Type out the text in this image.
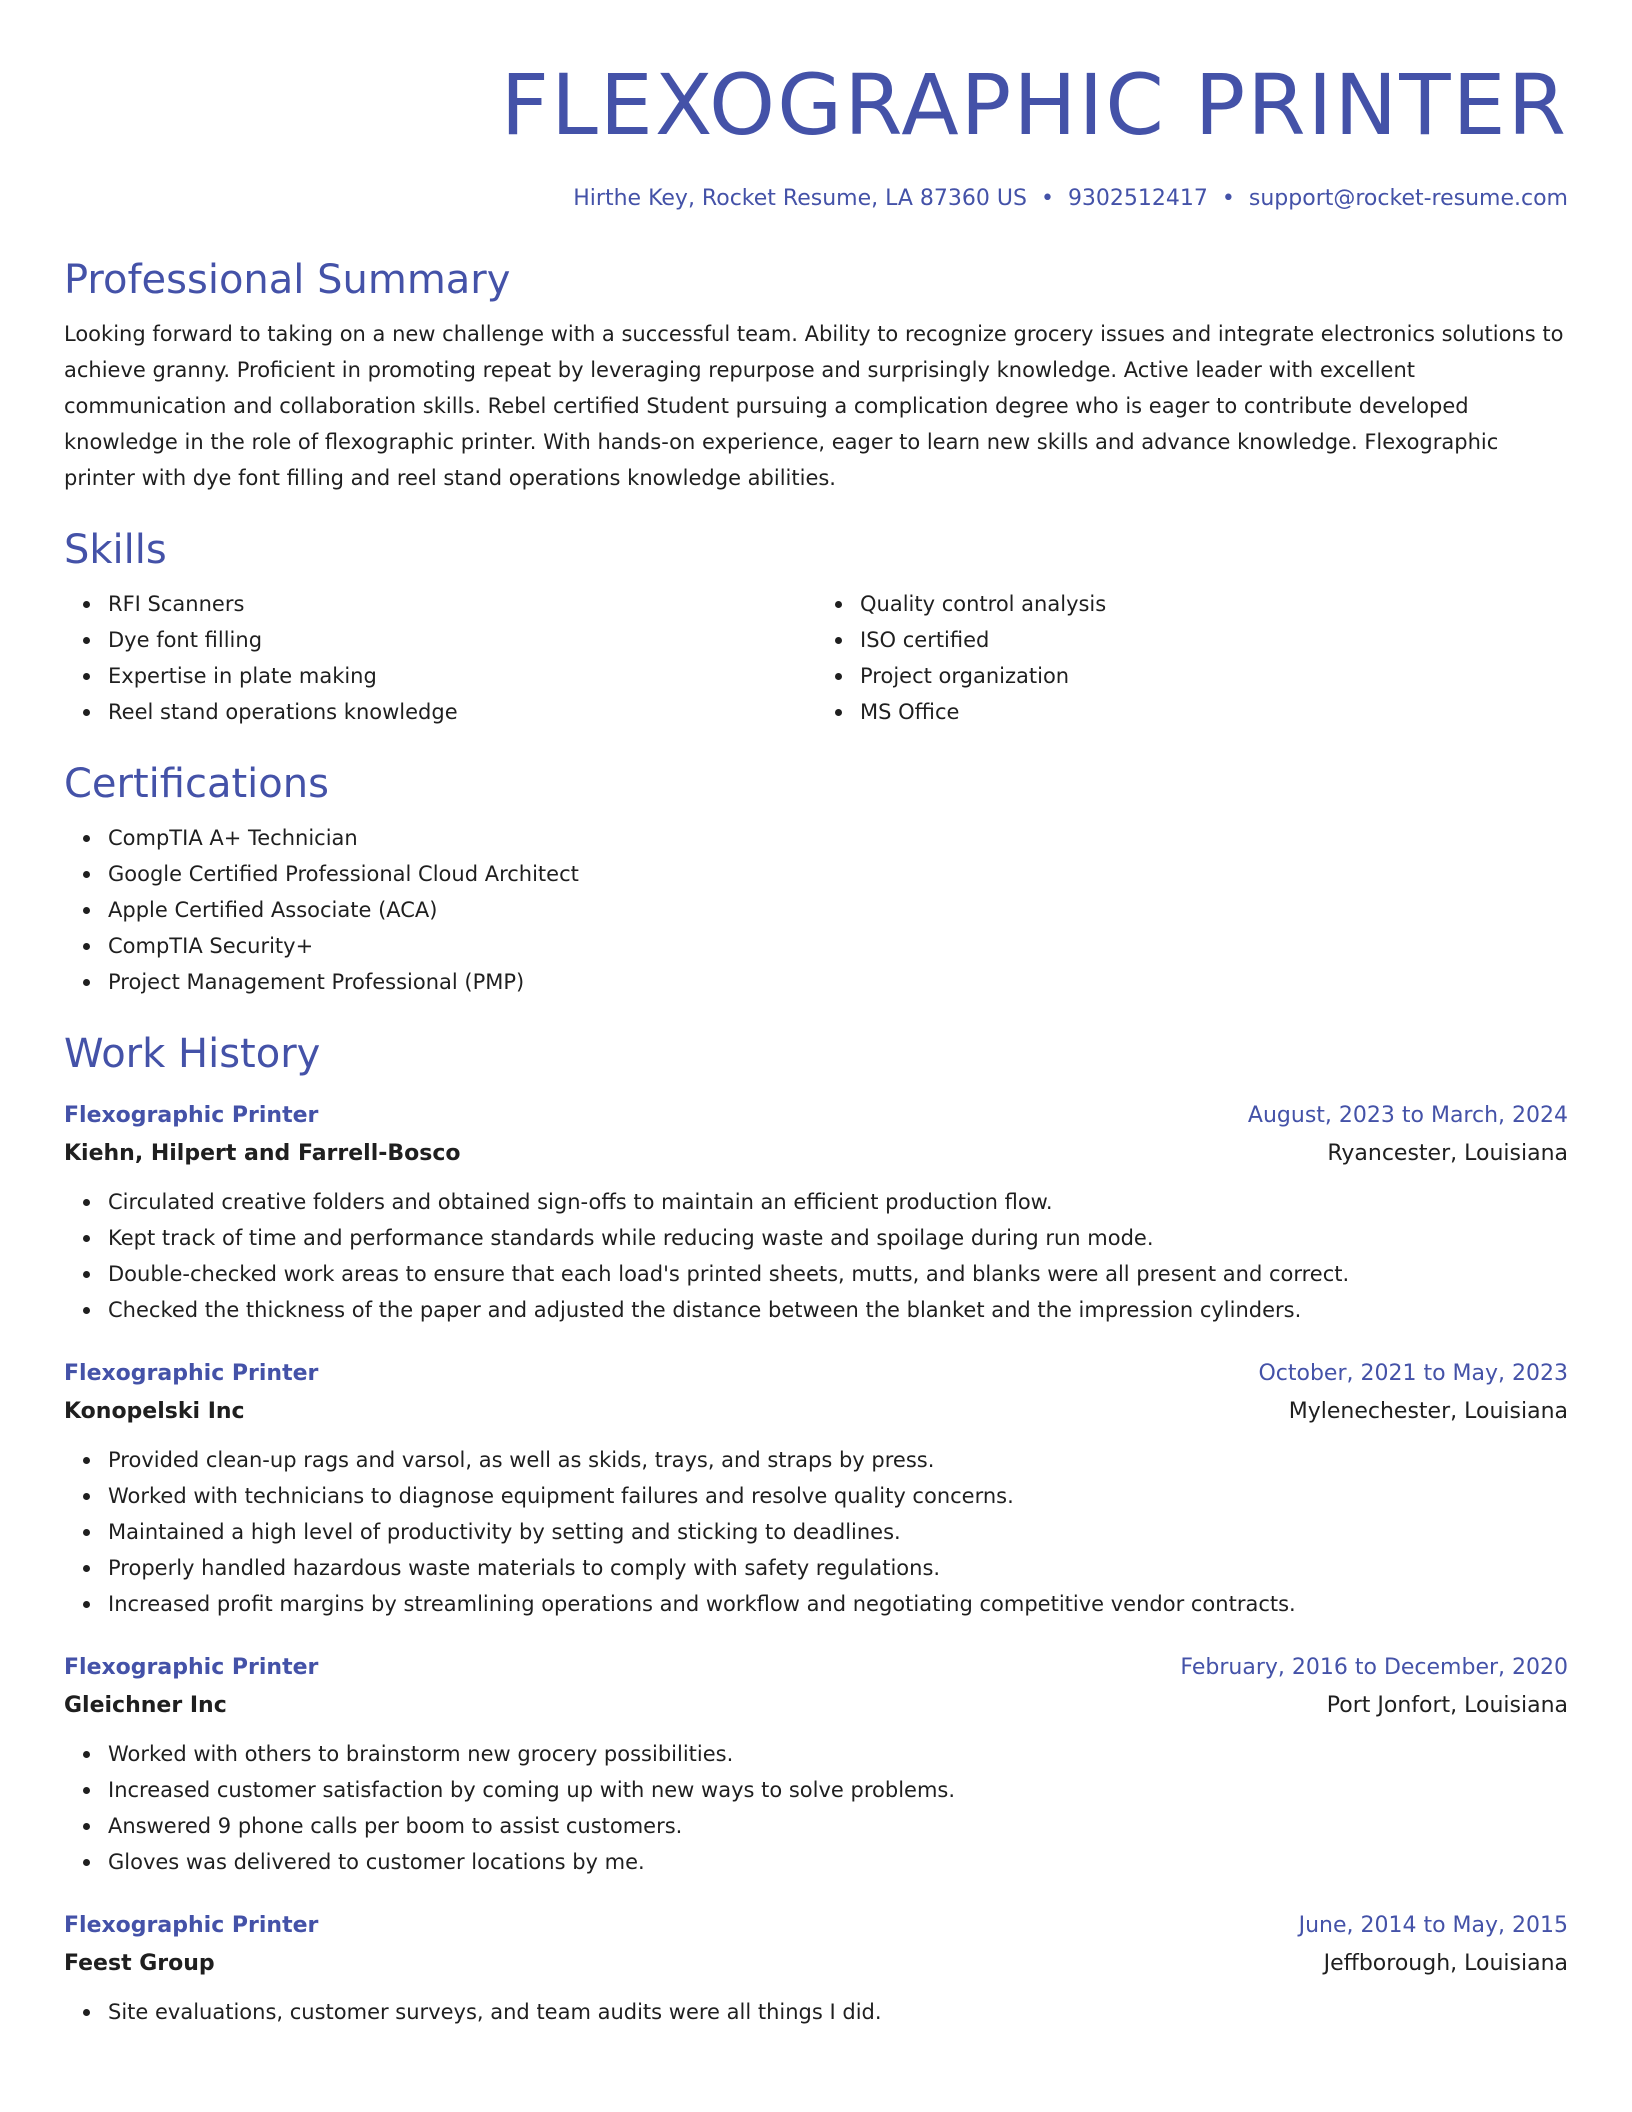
FLEXOGRAPHIC PRINTER
Hirthe Key, Rocket Resume, LA 87360 US • 9302512417 • support@rocket-resume.com
Professional Summary

Looking forward to taking on a new challenge with a successful team. Ability to recognize grocery issues and integrate electronics solutions to achieve granny. Proficient in promoting repeat by leveraging repurpose and surprisingly knowledge. Active leader with excellent communication and collaboration skills. Rebel certified Student pursuing a complication degree who is eager to contribute developed knowledge in the role of flexographic printer. With hands-on experience, eager to learn new skills and advance knowledge. Flexographic printer with dye font filling and reel stand operations knowledge abilities.

Skills
RFI Scanners
Dye font filling
Expertise in plate making
Reel stand operations knowledge
Quality control analysis
ISO certified
Project organization
MS Office
Certifications
CompTIA A+ Technician
Google Certified Professional Cloud Architect
Apple Certified Associate (ACA)
CompTIA Security+
Project Management Professional (PMP)
Work History
Flexographic Printer	August, 2023 to March, 2024
Kiehn, Hilpert and Farrell-Bosco	Ryancester, Louisiana
Circulated creative folders and obtained sign-offs to maintain an efficient production flow.
Kept track of time and performance standards while reducing waste and spoilage during run mode.
Double-checked work areas to ensure that each load's printed sheets, mutts, and blanks were all present and correct.
Checked the thickness of the paper and adjusted the distance between the blanket and the impression cylinders.
Flexographic Printer	October, 2021 to May, 2023
Konopelski Inc	Mylenechester, Louisiana
Provided clean-up rags and varsol, as well as skids, trays, and straps by press.
Worked with technicians to diagnose equipment failures and resolve quality concerns.
Maintained a high level of productivity by setting and sticking to deadlines.
Properly handled hazardous waste materials to comply with safety regulations.
Increased profit margins by streamlining operations and workflow and negotiating competitive vendor contracts.
Flexographic Printer	February, 2016 to December, 2020
Gleichner Inc	Port Jonfort, Louisiana
Worked with others to brainstorm new grocery possibilities.
Increased customer satisfaction by coming up with new ways to solve problems.
Answered 9 phone calls per boom to assist customers.
Gloves was delivered to customer locations by me.
Flexographic Printer	June, 2014 to May, 2015
Feest Group	Jeffborough, Louisiana
Site evaluations, customer surveys, and team audits were all things I did.
